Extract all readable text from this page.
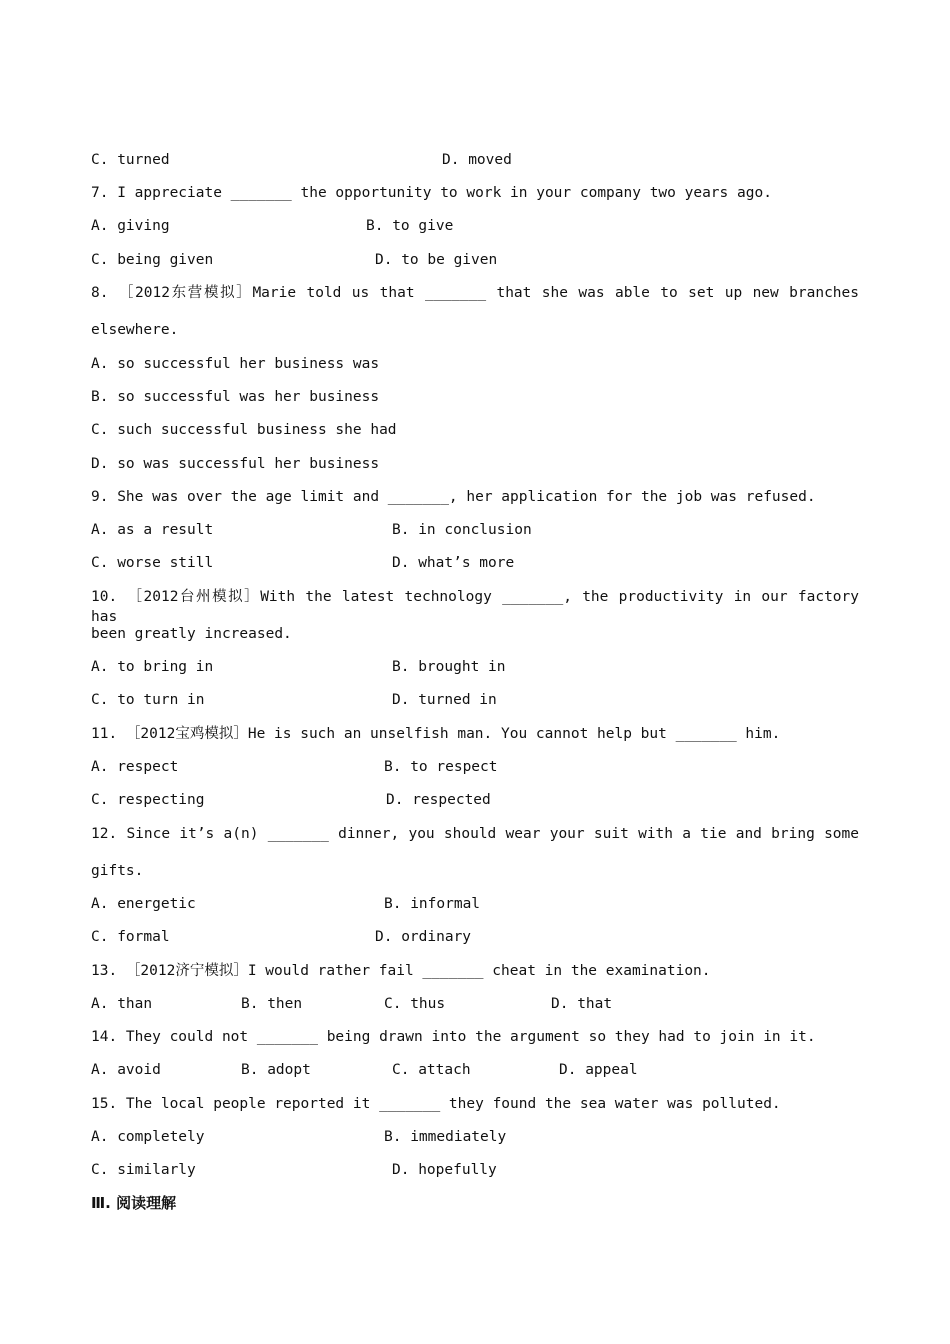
C. turned	D. moved
7. I appreciate _______ the opportunity to work in your company two years ago.
A. giving	B. to give
C. being given	D. to be given
8. ［2012东营模拟］Marie told us that _______ that she was able to set up new branches
elsewhere.
A. so successful her business was
B. so successful was her business
C. such successful business she had
D. so was successful her business
9. She was over the age limit and _______, her application for the job was refused.
A. as a result	B. in conclusion
C. worse still	D. what’s more
10. ［2012台州模拟］With the latest technology _______, the productivity in our factory has
been greatly increased.
A. to bring in	B. brought in
C. to turn in	D. turned in
11. ［2012宝鸡模拟］He is such an unselfish man. You cannot help but _______ him.
A. respect	B. to respect
C. respecting	D. respected
12. Since it’s a(n) _______ dinner, you should wear your suit with a tie and bring some
gifts.
A. energetic	B. informal
C. formal	D. ordinary
13. ［2012济宁模拟］I would rather fail _______ cheat in the examination.
A. than	B. then	C. thus	D. that
14. They could not _______ being drawn into the argument so they had to join in it.
A. avoid	B. adopt	C. attach	D. appeal
15. The local people reported it _______ they found the sea water was polluted.
A. completely	B. immediately
C. similarly	D. hopefully
Ⅲ. 阅读理解
